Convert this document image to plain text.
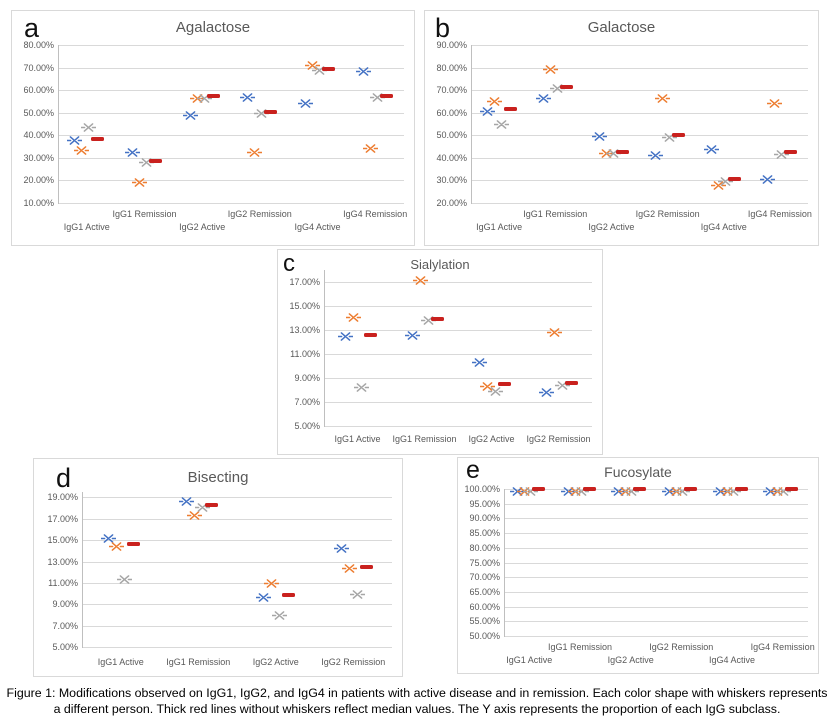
a	Agalactose
80.00%
70.00%
60.00%
50.00%
40.00%
30.00%
20.00%
10.00%
IgG1 Active
IgG1 Remission
IgG2 Active
IgG2 Remission
IgG4 Active
IgG4 Remission
b	Galactose
90.00%
80.00%
70.00%
60.00%
50.00%
40.00%
30.00%
20.00%
IgG1 Active
IgG1 Remission
IgG2 Active
IgG2 Remission
IgG4 Active
IgG4 Remission
c	Sialylation
17.00%
15.00%
13.00%
11.00%
9.00%
7.00%
5.00%
IgG1 Active	IgG1 Remission	IgG2 Active	IgG2 Remission
d	Bisecting
19.00%
17.00%
15.00%
13.00%
11.00%
9.00%
7.00%
5.00%
IgG1 Active	IgG1 Remission	IgG2 Active	IgG2 Remission
e	Fucosylate
100.00%
95.00%
90.00%
85.00%
80.00%
75.00%
70.00%
65.00%
60.00%
55.00%
50.00%
IgG1 Active
IgG1 Remission
IgG2 Active
IgG2 Remission
IgG4 Active
IgG4 Remission
Figure 1: Modifications observed on IgG1, IgG2, and IgG4 in patients with active disease and in remission. Each color shape with whiskers represents
a different person. Thick red lines without whiskers reflect median values. The Y axis represents the proportion of each IgG subclass.
